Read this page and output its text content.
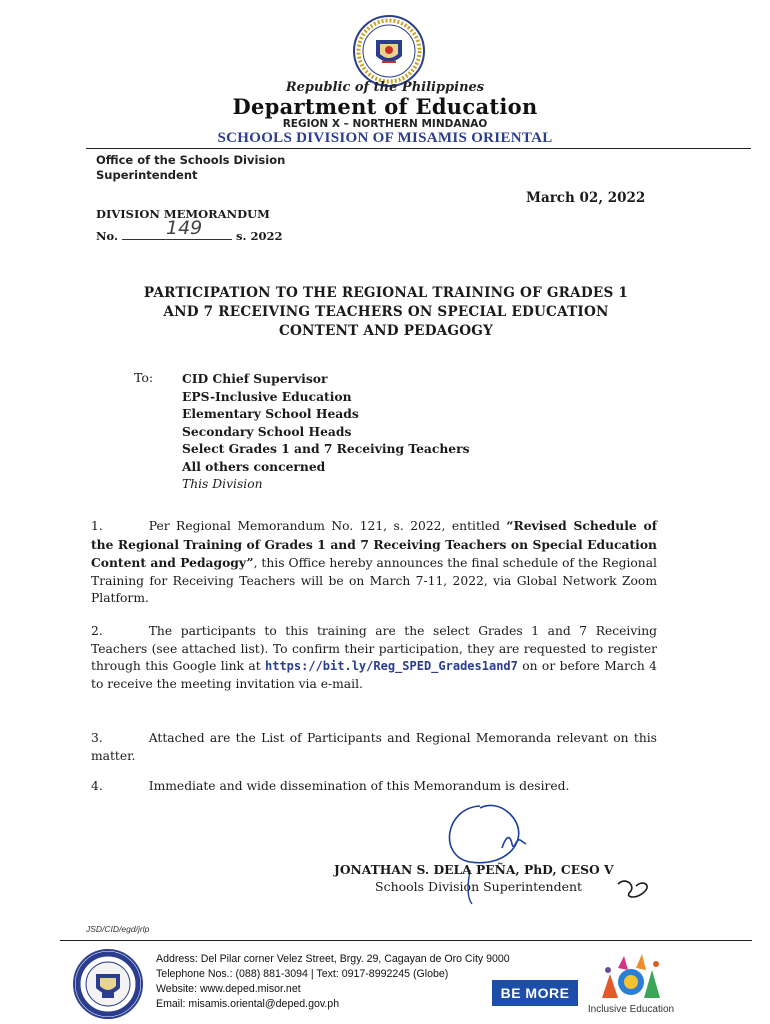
Republic of the Philippines
Department of Education
REGION X – NORTHERN MINDANAO
SCHOOLS DIVISION OF MISAMIS ORIENTAL
Office of the Schools Division
Superintendent
March 02, 2022
DIVISION MEMORANDUM
No.	149	s. 2022
PARTICIPATION TO THE REGIONAL TRAINING OF GRADES 1
AND 7 RECEIVING TEACHERS ON SPECIAL EDUCATION
CONTENT AND PEDAGOGY
To: CID Chief Supervisor
EPS-Inclusive Education
Elementary School Heads
Secondary School Heads
Select Grades 1 and 7 Receiving Teachers
All others concerned
This Division
1.	Per Regional Memorandum No. 121, s. 2022, entitled “Revised Schedule of the Regional Training of Grades 1 and 7 Receiving Teachers on Special Education Content and Pedagogy”, this Office hereby announces the final schedule of the Regional Training for Receiving Teachers will be on March 7-11, 2022, via Global Network Zoom Platform.
2.	The participants to this training are the select Grades 1 and 7 Receiving Teachers (see attached list). To confirm their participation, they are requested to register through this Google link at https://bit.ly/Reg_SPED_Grades1and7 on or before March 4 to receive the meeting invitation via e-mail.
3.	Attached are the List of Participants and Regional Memoranda relevant on this matter.
4.	Immediate and wide dissemination of this Memorandum is desired.
JONATHAN S. DELA PEÑA, PhD, CESO V
Schools Division Superintendent
JSD/CID/egd/jrlp
Address: Del Pilar corner Velez Street, Brgy. 29, Cagayan de Oro City 9000
Telephone Nos.: (088) 881-3094 | Text: 0917-8992245 (Globe)
Website: www.deped.misor.net
Email: misamis.oriental@deped.gov.ph
BE MORE
Inclusive Education
